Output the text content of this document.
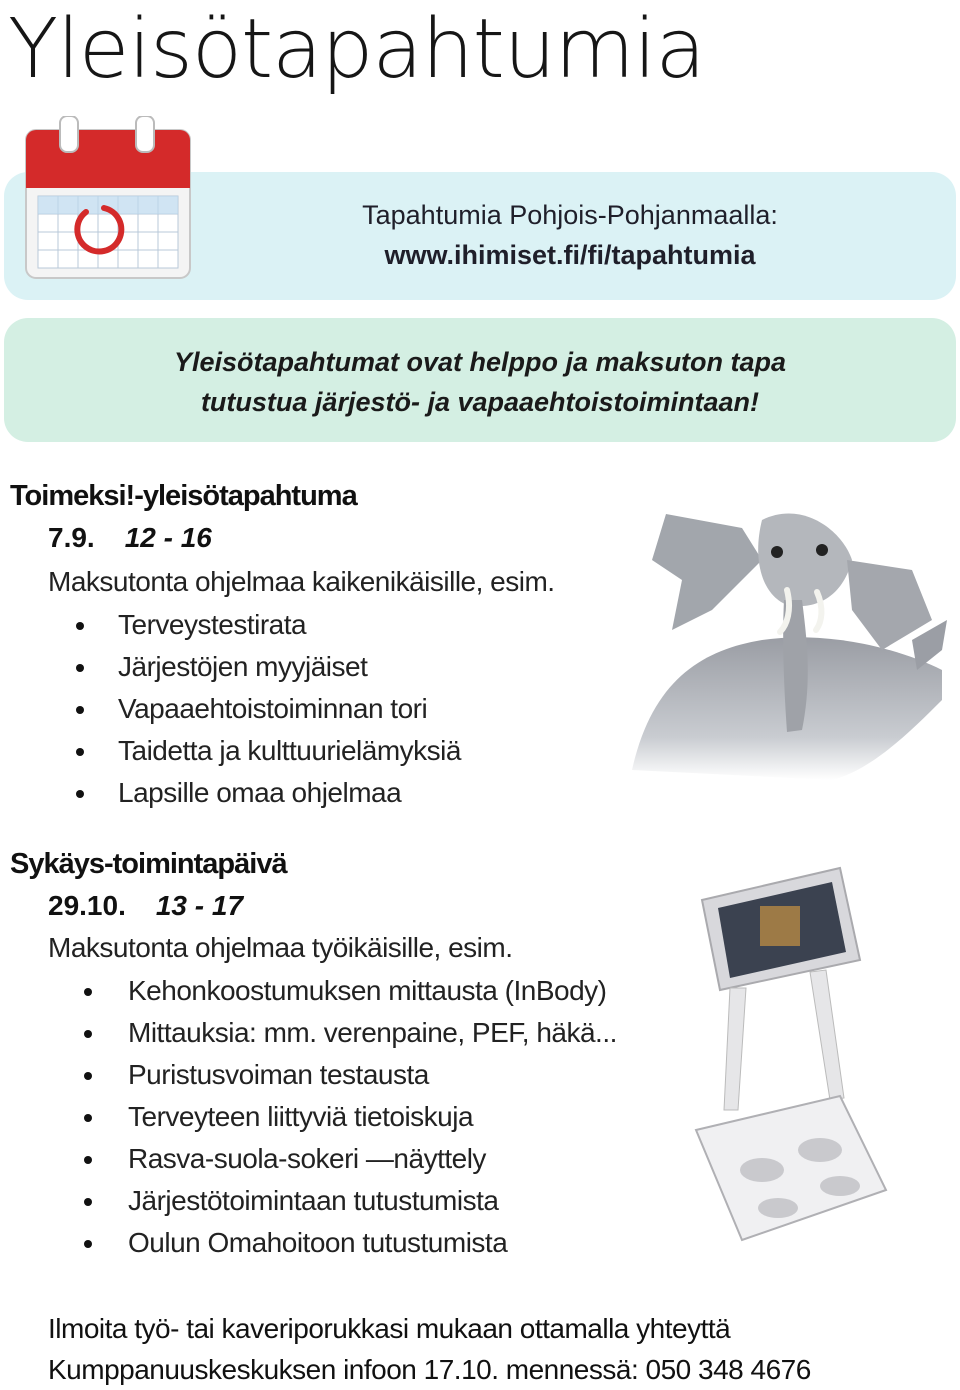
Yleisötapahtumia
Tapahtumia Pohjois-Pohjanmaalla:
www.ihimiset.fi/fi/tapahtumia
Yleisötapahtumat ovat helppo ja maksuton tapa
tutustua järjestö- ja vapaaehtoistoimintaan!
Toimeksi!-yleisötapahtuma
7.9. 12 - 16
Maksutonta ohjelmaa kaikenikäisille, esim.
Terveystestirata
Järjestöjen myyjäiset
Vapaaehtoistoiminnan tori
Taidetta ja kulttuurielämyksiä
Lapsille omaa ohjelmaa
Sykäys-toimintapäivä
29.10. 13 - 17
Maksutonta ohjelmaa työikäisille, esim.
Kehonkoostumuksen mittausta (InBody)
Mittauksia: mm. verenpaine, PEF, häkä...
Puristusvoiman testausta
Terveyteen liittyviä tietoiskuja
Rasva-suola-sokeri —näyttely
Järjestötoimintaan tutustumista
Oulun Omahoitoon tutustumista
Ilmoita työ- tai kaveriporukkasi mukaan ottamalla yhteyttä
Kumppanuuskeskuksen infoon 17.10. mennessä: 050 348 4676
